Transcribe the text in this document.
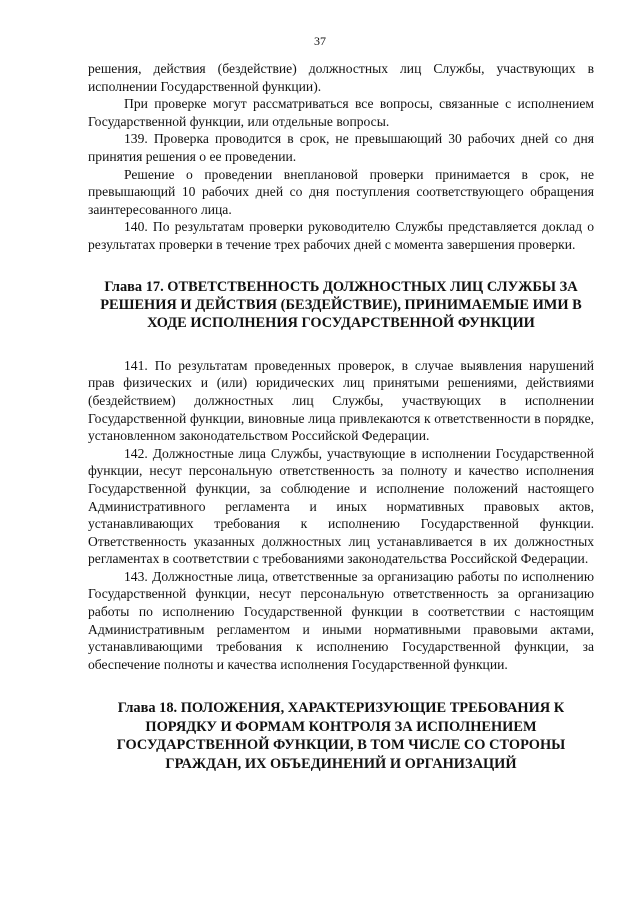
37

решения, действия (бездействие) должностных лиц Службы, участвующих в исполнении Государственной функции).

При проверке могут рассматриваться все вопросы, связанные с исполнением Государственной функции, или отдельные вопросы.

139. Проверка проводится в срок, не превышающий 30 рабочих дней со дня принятия решения о ее проведении.

Решение о проведении внеплановой проверки принимается в срок, не превышающий 10 рабочих дней со дня поступления соответствующего обращения заинтересованного лица.

140. По результатам проверки руководителю Службы представляется доклад о результатах проверки в течение трех рабочих дней с момента завершения проверки.

Глава 17. ОТВЕТСТВЕННОСТЬ ДОЛЖНОСТНЫХ ЛИЦ СЛУЖБЫ ЗА РЕШЕНИЯ И ДЕЙСТВИЯ (БЕЗДЕЙСТВИЕ), ПРИНИМАЕМЫЕ ИМИ В ХОДЕ ИСПОЛНЕНИЯ ГОСУДАРСТВЕННОЙ ФУНКЦИИ

141. По результатам проведенных проверок, в случае выявления нарушений прав физических и (или) юридических лиц принятыми решениями, действиями (бездействием) должностных лиц Службы, участвующих в исполнении Государственной функции, виновные лица привлекаются к ответственности в порядке, установленном законодательством Российской Федерации.

142. Должностные лица Службы, участвующие в исполнении Государственной функции, несут персональную ответственность за полноту и качество исполнения Государственной функции, за соблюдение и исполнение положений настоящего Административного регламента и иных нормативных правовых актов, устанавливающих требования к исполнению Государственной функции. Ответственность указанных должностных лиц устанавливается в их должностных регламентах в соответствии с требованиями законодательства Российской Федерации.

143. Должностные лица, ответственные за организацию работы по исполнению Государственной функции, несут персональную ответственность за организацию работы по исполнению Государственной функции в соответствии с настоящим Административным регламентом и иными нормативными правовыми актами, устанавливающими требования к исполнению Государственной функции, за обеспечение полноты и качества исполнения Государственной функции.

Глава 18. ПОЛОЖЕНИЯ, ХАРАКТЕРИЗУЮЩИЕ ТРЕБОВАНИЯ К ПОРЯДКУ И ФОРМАМ КОНТРОЛЯ ЗА ИСПОЛНЕНИЕМ ГОСУДАРСТВЕННОЙ ФУНКЦИИ, В ТОМ ЧИСЛЕ СО СТОРОНЫ ГРАЖДАН, ИХ ОБЪЕДИНЕНИЙ И ОРГАНИЗАЦИЙ
